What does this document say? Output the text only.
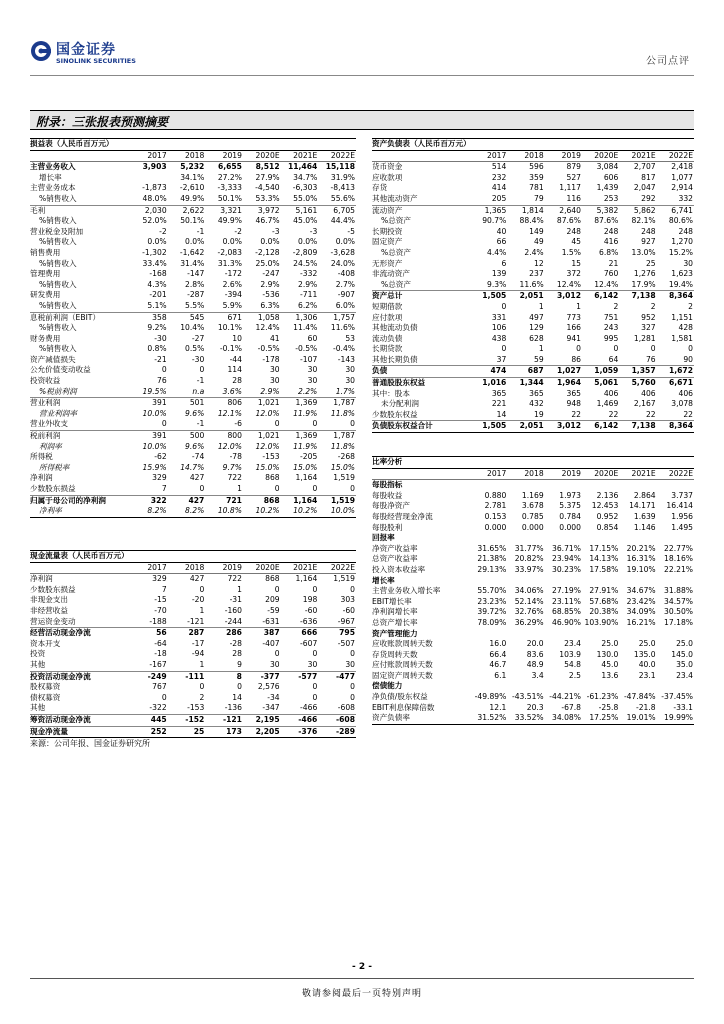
国金证券
SINOLINK SECURITIES	公司点评
附录：三张报表预测摘要
损益表（人民币百万元）						
	2017	2018	2019	2020E	2021E	2022E
主营业务收入	3,903	5,232	6,655	8,512	11,464	15,118
增长率		34.1%	27.2%	27.9%	34.7%	31.9%
主营业务成本	-1,873	-2,610	-3,333	-4,540	-6,303	-8,413
%销售收入	48.0%	49.9%	50.1%	53.3%	55.0%	55.6%
毛利	2,030	2,622	3,321	3,972	5,161	6,705
%销售收入	52.0%	50.1%	49.9%	46.7%	45.0%	44.4%
营业税金及附加	-2	-1	-2	-3	-3	-5
%销售收入	0.0%	0.0%	0.0%	0.0%	0.0%	0.0%
销售费用	-1,302	-1,642	-2,083	-2,128	-2,809	-3,628
%销售收入	33.4%	31.4%	31.3%	25.0%	24.5%	24.0%
管理费用	-168	-147	-172	-247	-332	-408
%销售收入	4.3%	2.8%	2.6%	2.9%	2.9%	2.7%
研发费用	-201	-287	-394	-536	-711	-907
%销售收入	5.1%	5.5%	5.9%	6.3%	6.2%	6.0%
息税前利润（EBIT）	358	545	671	1,058	1,306	1,757
%销售收入	9.2%	10.4%	10.1%	12.4%	11.4%	11.6%
财务费用	-30	-27	10	41	60	53
%销售收入	0.8%	0.5%	-0.1%	-0.5%	-0.5%	-0.4%
资产减值损失	-21	-30	-44	-178	-107	-143
公允价值变动收益	0	0	114	30	30	30
投资收益	76	-1	28	30	30	30
%税前利润	19.5%	n.a	3.6%	2.9%	2.2%	1.7%
营业利润	391	501	806	1,021	1,369	1,787
营业利润率	10.0%	9.6%	12.1%	12.0%	11.9%	11.8%
营业外收支	0	-1	-6	0	0	0
税前利润	391	500	800	1,021	1,369	1,787
利润率	10.0%	9.6%	12.0%	12.0%	11.9%	11.8%
所得税	-62	-74	-78	-153	-205	-268
所得税率	15.9%	14.7%	9.7%	15.0%	15.0%	15.0%
净利润	329	427	722	868	1,164	1,519
少数股东损益	7	0	1	0	0	0
归属于母公司的净利润	322	427	721	868	1,164	1,519
净利率	8.2%	8.2%	10.8%	10.2%	10.2%	10.0%
资产负债表（人民币百万元）						
	2017	2018	2019	2020E	2021E	2022E
货币资金	514	596	879	3,084	2,707	2,418
应收款项	232	359	527	606	817	1,077
存货	414	781	1,117	1,439	2,047	2,914
其他流动资产	205	79	116	253	292	332
流动资产	1,365	1,814	2,640	5,382	5,862	6,741
%总资产	90.7%	88.4%	87.6%	87.6%	82.1%	80.6%
长期投资	40	149	248	248	248	248
固定资产	66	49	45	416	927	1,270
%总资产	4.4%	2.4%	1.5%	6.8%	13.0%	15.2%
无形资产	6	12	15	21	25	30
非流动资产	139	237	372	760	1,276	1,623
%总资产	9.3%	11.6%	12.4%	12.4%	17.9%	19.4%
资产总计	1,505	2,051	3,012	6,142	7,138	8,364
短期借款	0	1	1	2	2	2
应付款项	331	497	773	751	952	1,151
其他流动负债	106	129	166	243	327	428
流动负债	438	628	941	995	1,281	1,581
长期贷款	0	1	0	0	0	0
其他长期负债	37	59	86	64	76	90
负债	474	687	1,027	1,059	1,357	1,672
普通股股东权益	1,016	1,344	1,964	5,061	5,760	6,671
其中：股本	365	365	365	406	406	406
未分配利润	221	432	948	1,469	2,167	3,078
少数股东权益	14	19	22	22	22	22
负债股东权益合计	1,505	2,051	3,012	6,142	7,138	8,364
比率分析						
	2017	2018	2019	2020E	2021E	2022E
每股指标						
每股收益	0.880	1.169	1.973	2.136	2.864	3.737
每股净资产	2.781	3.678	5.375	12.453	14.171	16.414
每股经营现金净流	0.153	0.785	0.784	0.952	1.639	1.956
每股股利	0.000	0.000	0.000	0.854	1.146	1.495
回报率						
净资产收益率	31.65%	31.77%	36.71%	17.15%	20.21%	22.77%
总资产收益率	21.38%	20.82%	23.94%	14.13%	16.31%	18.16%
投入资本收益率	29.13%	33.97%	30.23%	17.58%	19.10%	22.21%
增长率						
主营业务收入增长率	55.70%	34.06%	27.19%	27.91%	34.67%	31.88%
EBIT增长率	23.23%	52.14%	23.11%	57.68%	23.42%	34.57%
净利润增长率	39.72%	32.76%	68.85%	20.38%	34.09%	30.50%
总资产增长率	78.09%	36.29%	46.90%	103.90%	16.21%	17.18%
资产管理能力						
应收账款周转天数	16.0	20.0	23.4	25.0	25.0	25.0
存货周转天数	66.4	83.6	103.9	130.0	135.0	145.0
应付账款周转天数	46.7	48.9	54.8	45.0	40.0	35.0
固定资产周转天数	6.1	3.4	2.5	13.6	23.1	23.4
偿债能力						
净负债/股东权益	-49.89%	-43.51%	-44.21%	-61.23%	-47.84%	-37.45%
EBIT利息保障倍数	12.1	20.3	-67.8	-25.8	-21.8	-33.1
资产负债率	31.52%	33.52%	34.08%	17.25%	19.01%	19.99%
现金流量表（人民币百万元）						
	2017	2018	2019	2020E	2021E	2022E
净利润	329	427	722	868	1,164	1,519
少数股东损益	7	0	1	0	0	0
非现金支出	-15	-20	-31	209	198	303
非经营收益	-70	1	-160	-59	-60	-60
营运资金变动	-188	-121	-244	-631	-636	-967
经营活动现金净流	56	287	286	387	666	795
资本开支	-64	-17	-28	-407	-607	-507
投资	-18	-94	28	0	0	0
其他	-167	1	9	30	30	30
投资活动现金净流	-249	-111	8	-377	-577	-477
股权募资	767	0	0	2,576	0	0
债权募资	0	2	14	-34	0	0
其他	-322	-153	-136	-347	-466	-608
筹资活动现金净流	445	-152	-121	2,195	-466	-608
现金净流量	252	25	173	2,205	-376	-289
来源：公司年报、国金证券研究所
- 2 -
敬请参阅最后一页特别声明
